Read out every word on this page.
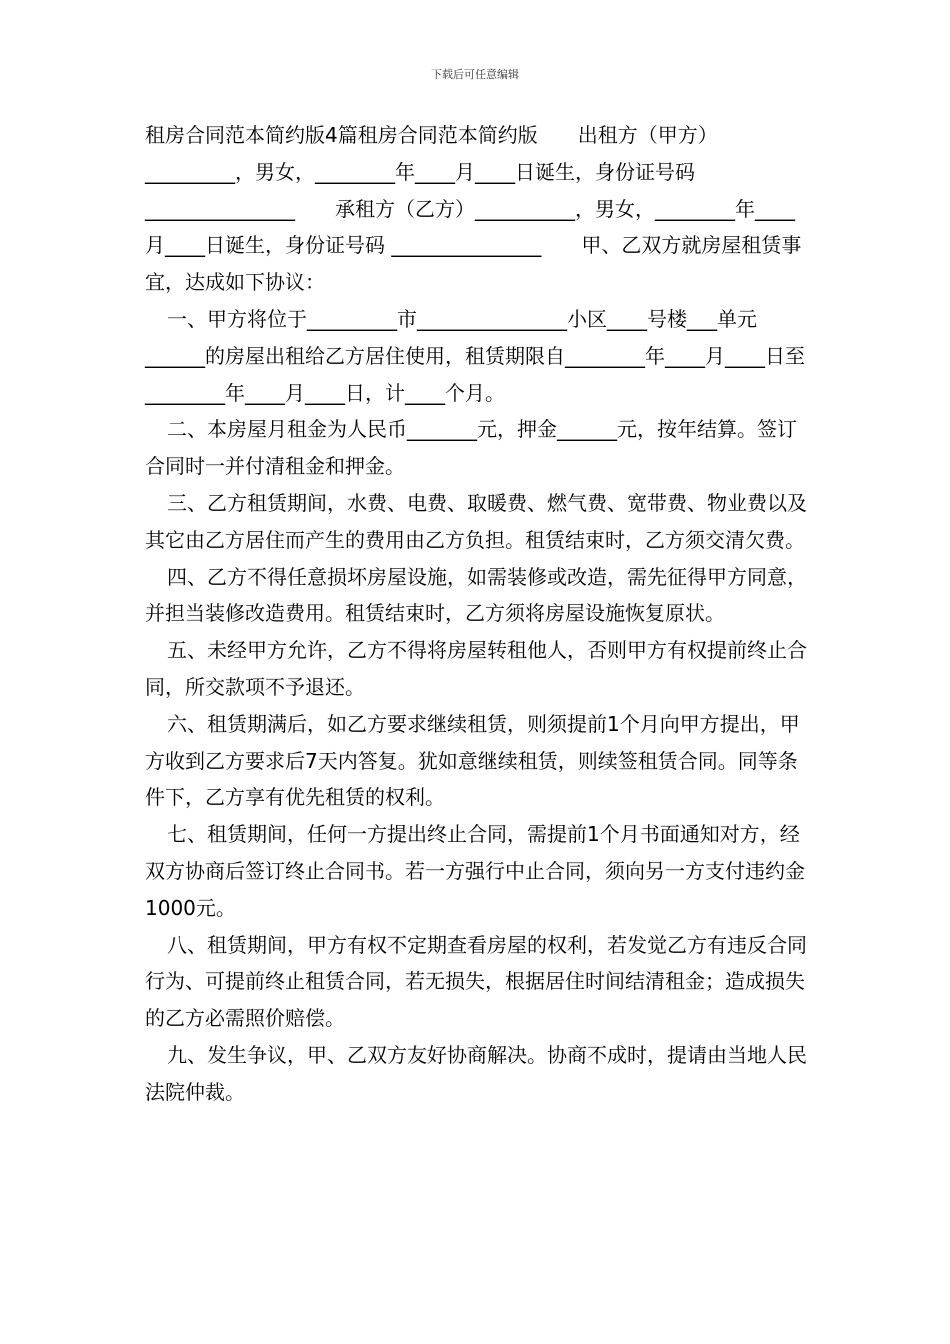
下载后可任意编辑

租房合同范本简约版4篇租房合同范本简约版　　出租方（甲方）_________，男女，________年____月____日诞生，身份证号码 _______________　　承租方（乙方）__________，男女，________年____月____日诞生，身份证号码 _______________　　甲、乙双方就房屋租赁事宜，达成如下协议：

一、甲方将位于_________市_______________小区____号楼___单元______的房屋出租给乙方居住使用，租赁期限自________年____月____日至________年____月____日，计____个月。

二、本房屋月租金为人民币_______元，押金______元，按年结算。签订合同时一并付清租金和押金。

三、乙方租赁期间，水费、电费、取暖费、燃气费、宽带费、物业费以及其它由乙方居住而产生的费用由乙方负担。租赁结束时，乙方须交清欠费。

四、乙方不得任意损坏房屋设施，如需装修或改造，需先征得甲方同意，并担当装修改造费用。租赁结束时，乙方须将房屋设施恢复原状。

五、未经甲方允许，乙方不得将房屋转租他人，否则甲方有权提前终止合同，所交款项不予退还。

六、租赁期满后，如乙方要求继续租赁，则须提前1个月向甲方提出，甲方收到乙方要求后7天内答复。犹如意继续租赁，则续签租赁合同。同等条件下，乙方享有优先租赁的权利。

七、租赁期间，任何一方提出终止合同，需提前1个月书面通知对方，经双方协商后签订终止合同书。若一方强行中止合同，须向另一方支付违约金1000元。

八、租赁期间，甲方有权不定期查看房屋的权利，若发觉乙方有违反合同行为、可提前终止租赁合同，若无损失，根据居住时间结清租金；造成损失的乙方必需照价赔偿。

九、发生争议，甲、乙双方友好协商解决。协商不成时，提请由当地人民法院仲裁。
